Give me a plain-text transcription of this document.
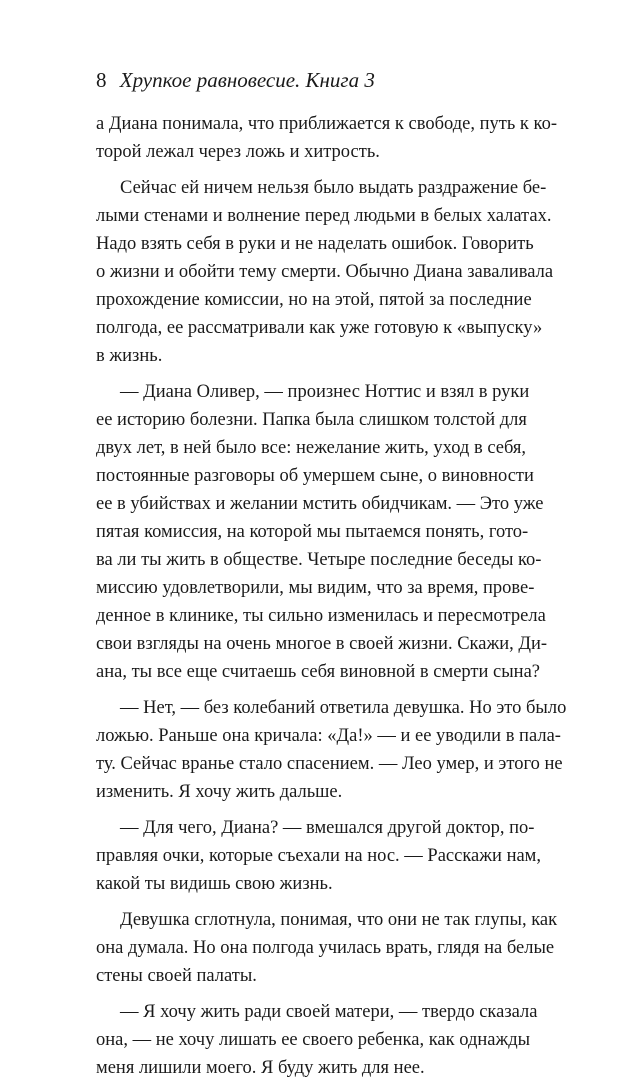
8 Хрупкое равновесие. Книга 3
а Диана понимала, что приближается к свободе, путь к ко-
торой лежал через ложь и хитрость.
Сейчас ей ничем нельзя было выдать раздражение бе-
лыми стенами и волнение перед людьми в белых халатах.
Надо взять себя в руки и не наделать ошибок. Говорить
о жизни и обойти тему смерти. Обычно Диана заваливала
прохождение комиссии, но на этой, пятой за последние
полгода, ее рассматривали как уже готовую к «выпуску»
в жизнь.
— Диана Оливер, — произнес Ноттис и взял в руки
ее историю болезни. Папка была слишком толстой для
двух лет, в ней было все: нежелание жить, уход в себя,
постоянные разговоры об умершем сыне, о виновности
ее в убийствах и желании мстить обидчикам. — Это уже
пятая комиссия, на которой мы пытаемся понять, гото-
ва ли ты жить в обществе. Четыре последние беседы ко-
миссию удовлетворили, мы видим, что за время, прове-
денное в клинике, ты сильно изменилась и пересмотрела
свои взгляды на очень многое в своей жизни. Скажи, Ди-
ана, ты все еще считаешь себя виновной в смерти сына?
— Нет, — без колебаний ответила девушка. Но это было
ложью. Раньше она кричала: «Да!» — и ее уводили в пала-
ту. Сейчас вранье стало спасением. — Лео умер, и этого не
изменить. Я хочу жить дальше.
— Для чего, Диана? — вмешался другой доктор, по-
правляя очки, которые съехали на нос. — Расскажи нам,
какой ты видишь свою жизнь.
Девушка сглотнула, понимая, что они не так глупы, как
она думала. Но она полгода училась врать, глядя на белые
стены своей палаты.
— Я хочу жить ради своей матери, — твердо сказала
она, — не хочу лишать ее своего ребенка, как однажды
меня лишили моего. Я буду жить для нее.
